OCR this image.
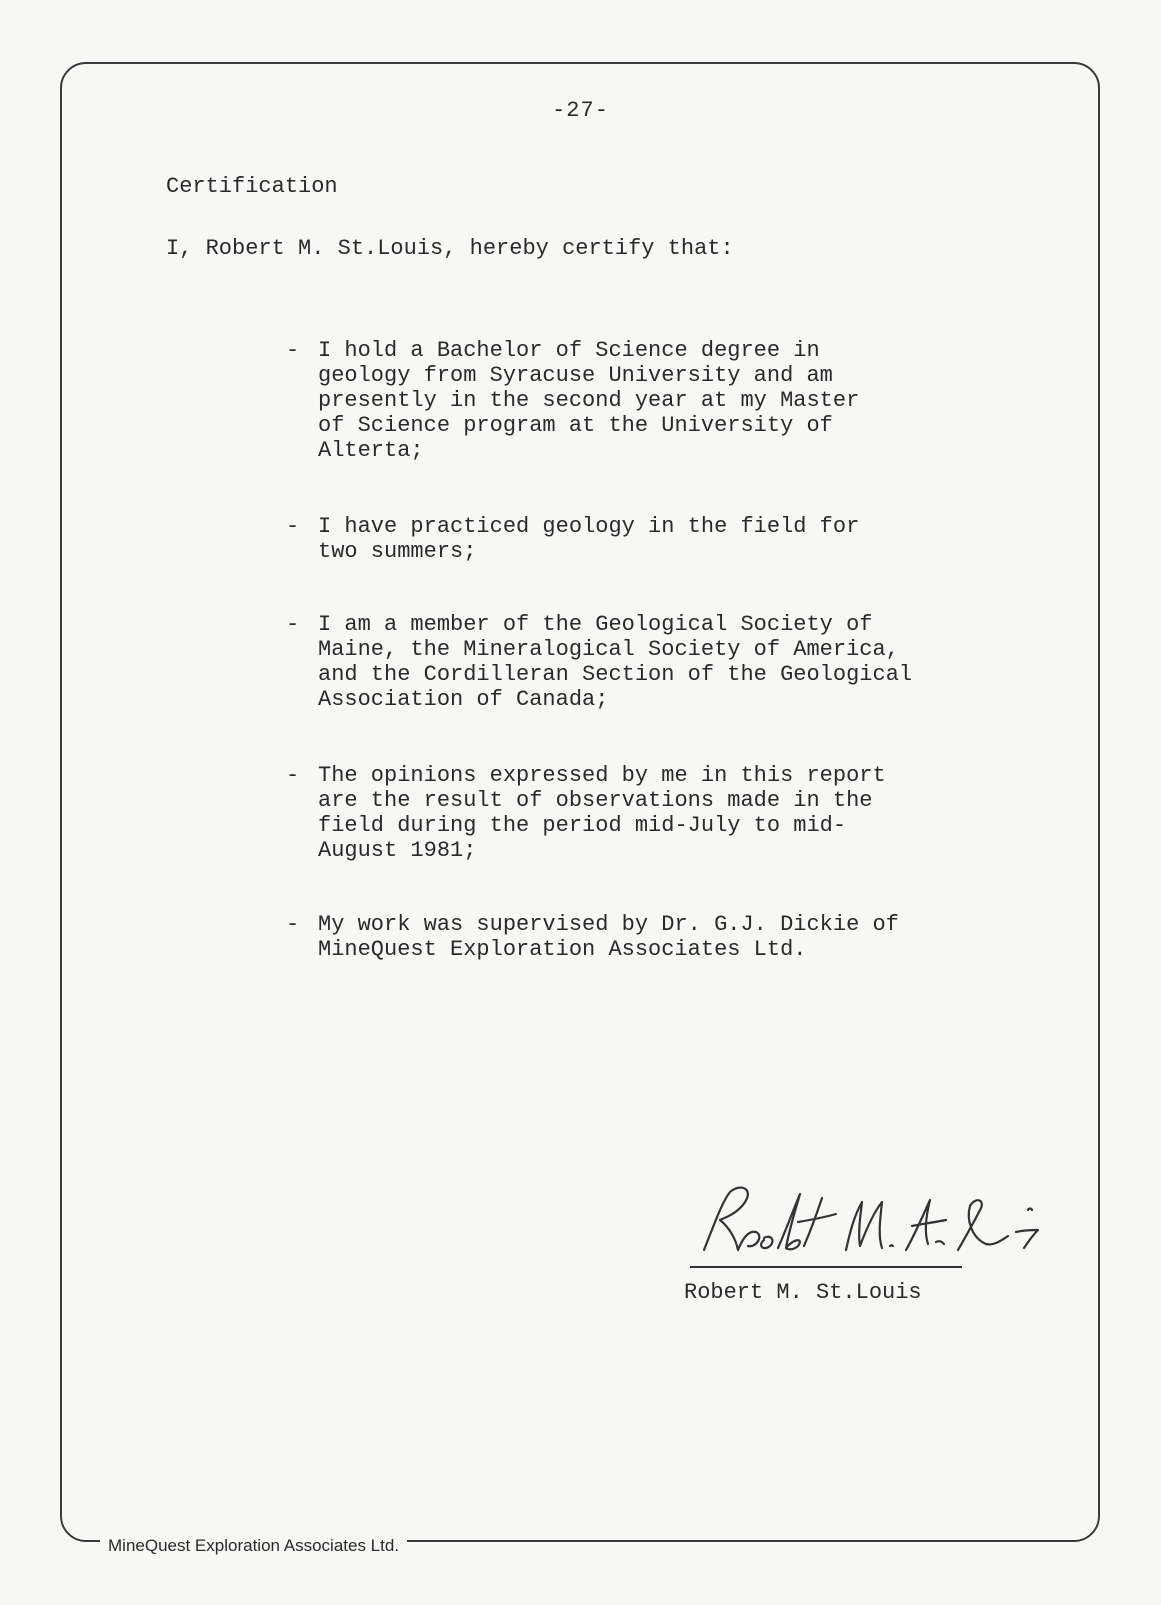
-27-
Certification
I, Robert M. St.Louis, hereby certify that:
- I hold a Bachelor of Science degree in
geology from Syracuse University and am
presently in the second year at my Master
of Science program at the University of
Alterta;
- I have practiced geology in the field for
two summers;
- I am a member of the Geological Society of
Maine, the Mineralogical Society of America,
and the Cordilleran Section of the Geological
Association of Canada;
- The opinions expressed by me in this report
are the result of observations made in the
field during the period mid-July to mid-
August 1981;
- My work was supervised by Dr. G.J. Dickie of
MineQuest Exploration Associates Ltd.
Robert M. St.Louis
MineQuest Exploration Associates Ltd.
